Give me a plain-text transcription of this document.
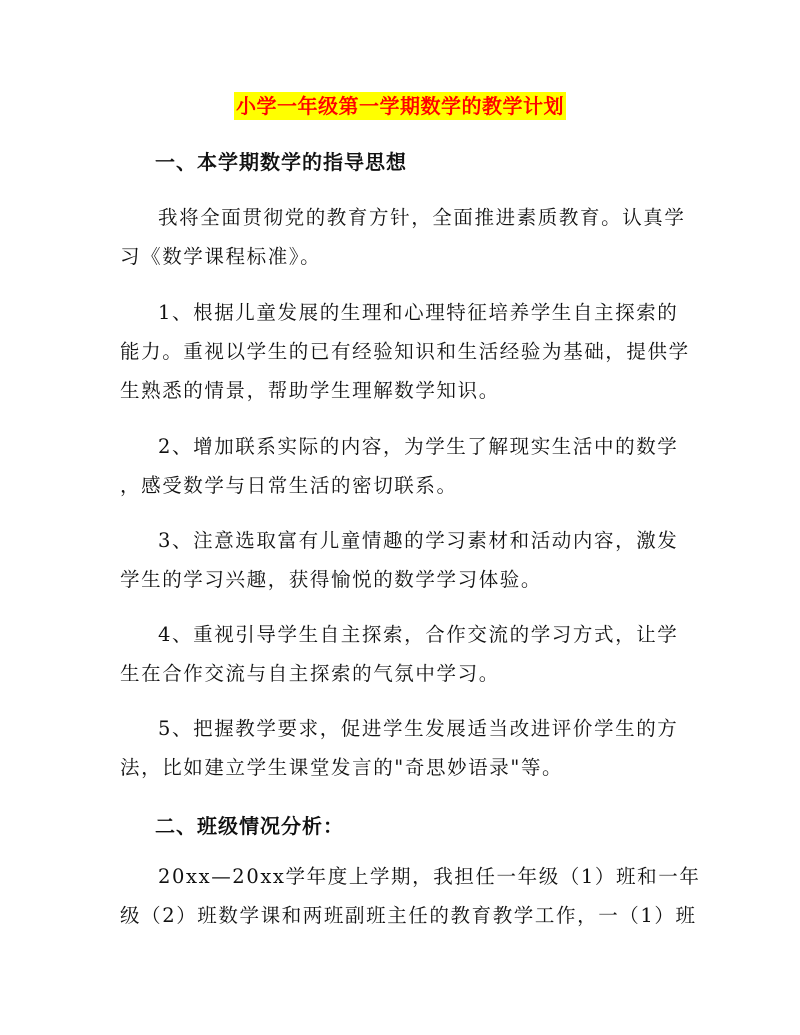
小学一年级第一学期数学的教学计划
一、本学期数学的指导思想
我将全面贯彻党的教育方针，全面推进素质教育。认真学
习《数学课程标准》。
1、根据儿童发展的生理和心理特征培养学生自主探索的
能力。重视以学生的已有经验知识和生活经验为基础，提供学
生熟悉的情景，帮助学生理解数学知识。
2、增加联系实际的内容，为学生了解现实生活中的数学
，感受数学与日常生活的密切联系。
3、注意选取富有儿童情趣的学习素材和活动内容，激发
学生的学习兴趣，获得愉悦的数学学习体验。
4、重视引导学生自主探索，合作交流的学习方式，让学
生在合作交流与自主探索的气氛中学习。
5、把握教学要求，促进学生发展适当改进评价学生的方
法，比如建立学生课堂发言的"奇思妙语录"等。
二、班级情况分析：
20xx—20xx学年度上学期，我担任一年级（1）班和一年
级（2）班数学课和两班副班主任的教育教学工作，一（1）班
